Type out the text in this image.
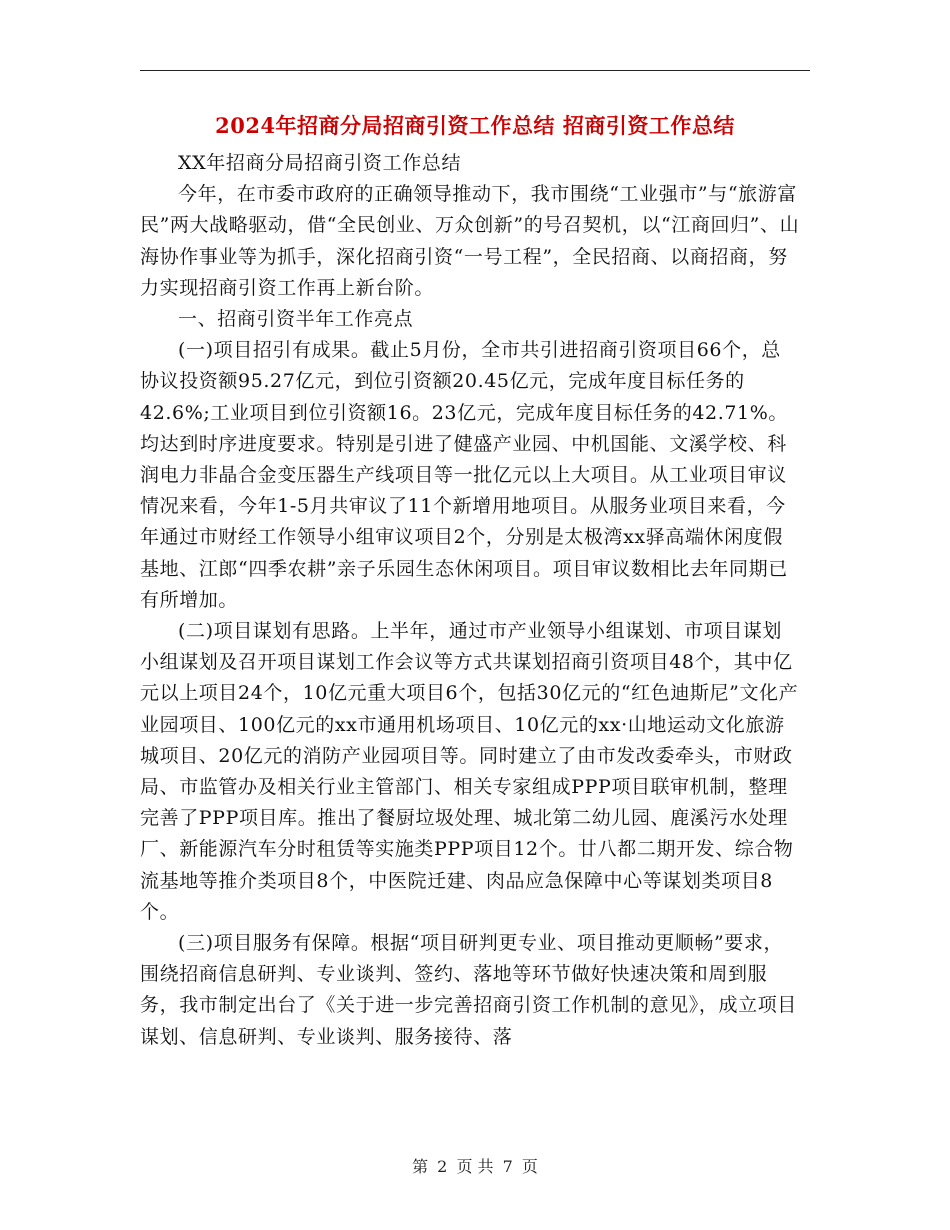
2024年招商分局招商引资工作总结 招商引资工作总结

XX年招商分局招商引资工作总结

今年，在市委市政府的正确领导推动下，我市围绕“工业强市”与“旅游富民”两大战略驱动，借“全民创业、万众创新”的号召契机，以“江商回归”、山海协作事业等为抓手，深化招商引资“一号工程”，全民招商、以商招商，努力实现招商引资工作再上新台阶。

一、招商引资半年工作亮点

(一)项目招引有成果。截止5月份，全市共引进招商引资项目66个，总协议投资额95.27亿元，到位引资额20.45亿元，完成年度目标任务的42.6%;工业项目到位引资额16。23亿元，完成年度目标任务的42.71%。均达到时序进度要求。特别是引进了健盛产业园、中机国能、文溪学校、科润电力非晶合金变压器生产线项目等一批亿元以上大项目。从工业项目审议情况来看，今年1-5月共审议了11个新增用地项目。从服务业项目来看，今年通过市财经工作领导小组审议项目2个，分别是太极湾xx驿高端休闲度假基地、江郎“四季农耕”亲子乐园生态休闲项目。项目审议数相比去年同期已有所增加。

(二)项目谋划有思路。上半年，通过市产业领导小组谋划、市项目谋划小组谋划及召开项目谋划工作会议等方式共谋划招商引资项目48个，其中亿元以上项目24个，10亿元重大项目6个，包括30亿元的“红色迪斯尼”文化产业园项目、100亿元的xx市通用机场项目、10亿元的xx·山地运动文化旅游城项目、20亿元的消防产业园项目等。同时建立了由市发改委牵头，市财政局、市监管办及相关行业主管部门、相关专家组成PPP项目联审机制，整理完善了PPP项目库。推出了餐厨垃圾处理、城北第二幼儿园、鹿溪污水处理厂、新能源汽车分时租赁等实施类PPP项目12个。廿八都二期开发、综合物流基地等推介类项目8个，中医院迁建、肉品应急保障中心等谋划类项目8个。

(三)项目服务有保障。根据“项目研判更专业、项目推动更顺畅”要求，围绕招商信息研判、专业谈判、签约、落地等环节做好快速决策和周到服务，我市制定出台了《关于进一步完善招商引资工作机制的意见》，成立项目谋划、信息研判、专业谈判、服务接待、落

第 2 页 共 7 页
